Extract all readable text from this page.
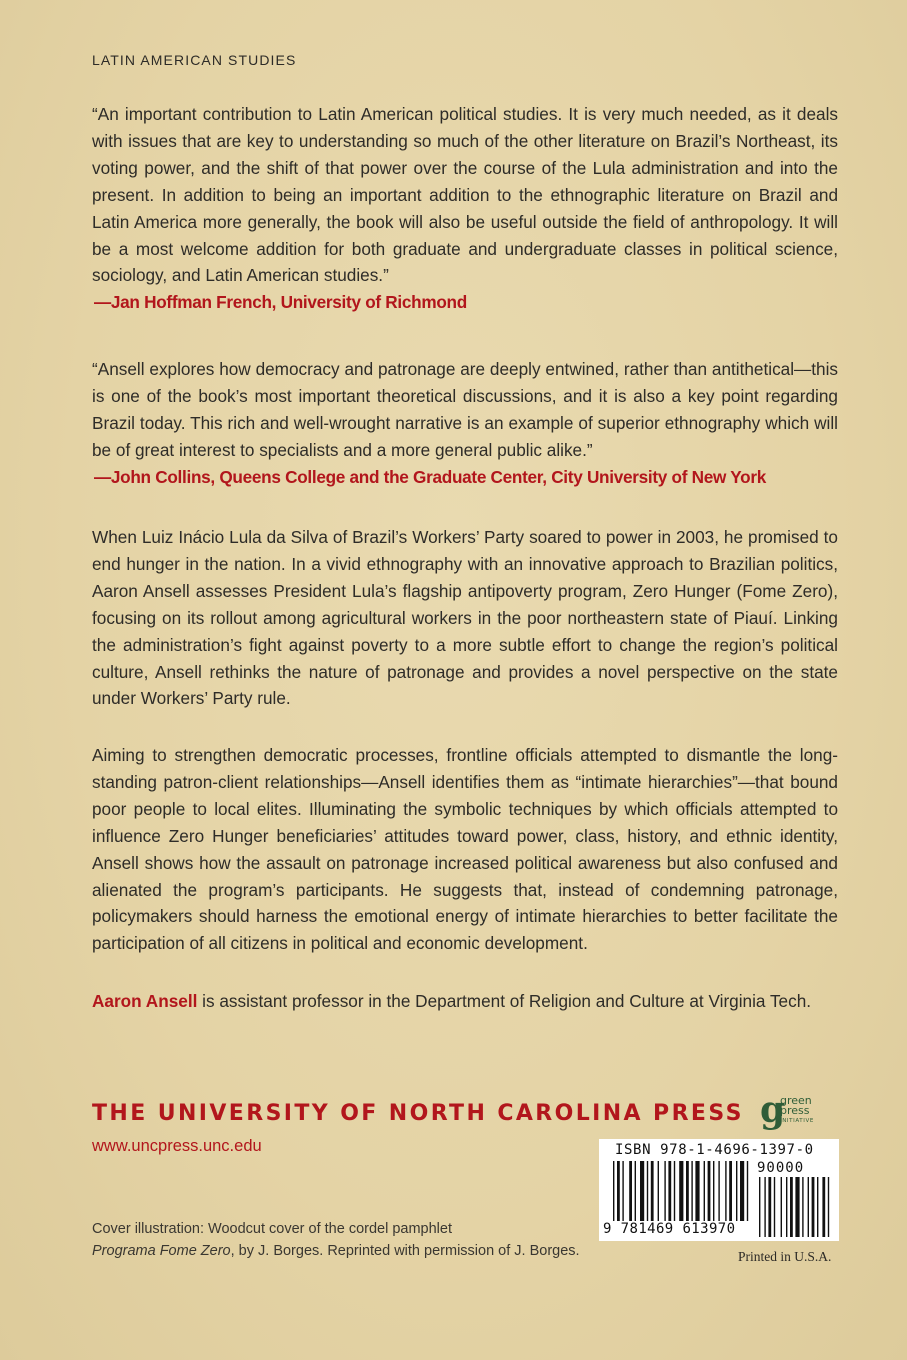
LATIN AMERICAN STUDIES

“An important contribution to Latin American political studies. It is very much needed, as it deals with issues that are key to understanding so much of the other literature on Brazil’s Northeast, its voting power, and the shift of that power over the course of the Lula administration and into the present. In addition to being an important addition to the ethnographic literature on Brazil and Latin America more generally, the book will also be useful outside the field of anthropology. It will be a most welcome addition for both graduate and undergraduate classes in political science, sociology, and Latin American studies.”

—Jan Hoffman French, University of Richmond

“Ansell explores how democracy and patronage are deeply entwined, rather than antithetical—this is one of the book’s most important theoretical discussions, and it is also a key point regarding Brazil today. This rich and well-wrought narrative is an example of superior ethnography which will be of great interest to specialists and a more general public alike.”

—John Collins, Queens College and the Graduate Center, City University of New York

When Luiz Inácio Lula da Silva of Brazil’s Workers’ Party soared to power in 2003, he promised to end hunger in the nation. In a vivid ethnography with an innovative approach to Brazilian politics, Aaron Ansell assesses President Lula’s flagship antipoverty program, Zero Hunger (Fome Zero), focusing on its rollout among agricultural workers in the poor northeastern state of Piauí. Linking the administration’s fight against poverty to a more subtle effort to change the region’s political culture, Ansell rethinks the nature of patronage and provides a novel perspective on the state under Workers’ Party rule.

Aiming to strengthen democratic processes, frontline officials attempted to dismantle the long-standing patron-client relationships—Ansell identifies them as “intimate hierarchies”—that bound poor people to local elites. Illuminating the symbolic techniques by which officials attempted to influence Zero Hunger beneficiaries’ attitudes toward power, class, history, and ethnic identity, Ansell shows how the assault on patronage increased political awareness but also confused and alienated the program’s participants. He suggests that, instead of condemning patronage, policymakers should harness the emotional energy of intimate hierarchies to better facilitate the participation of all citizens in political and economic development.

Aaron Ansell is assistant professor in the Department of Religion and Culture at Virginia Tech.

THE UNIVERSITY OF NORTH CAROLINA PRESS
www.uncpress.unc.edu
Cover illustration: Woodcut cover of the cordel pamphlet
Programa Fome Zero, by J. Borges. Reprinted with permission of J. Borges.
g
green
press
INITIATIVE
ISBN 978-1-4696-1397-0
90000
9 781469 613970
Printed in U.S.A.
